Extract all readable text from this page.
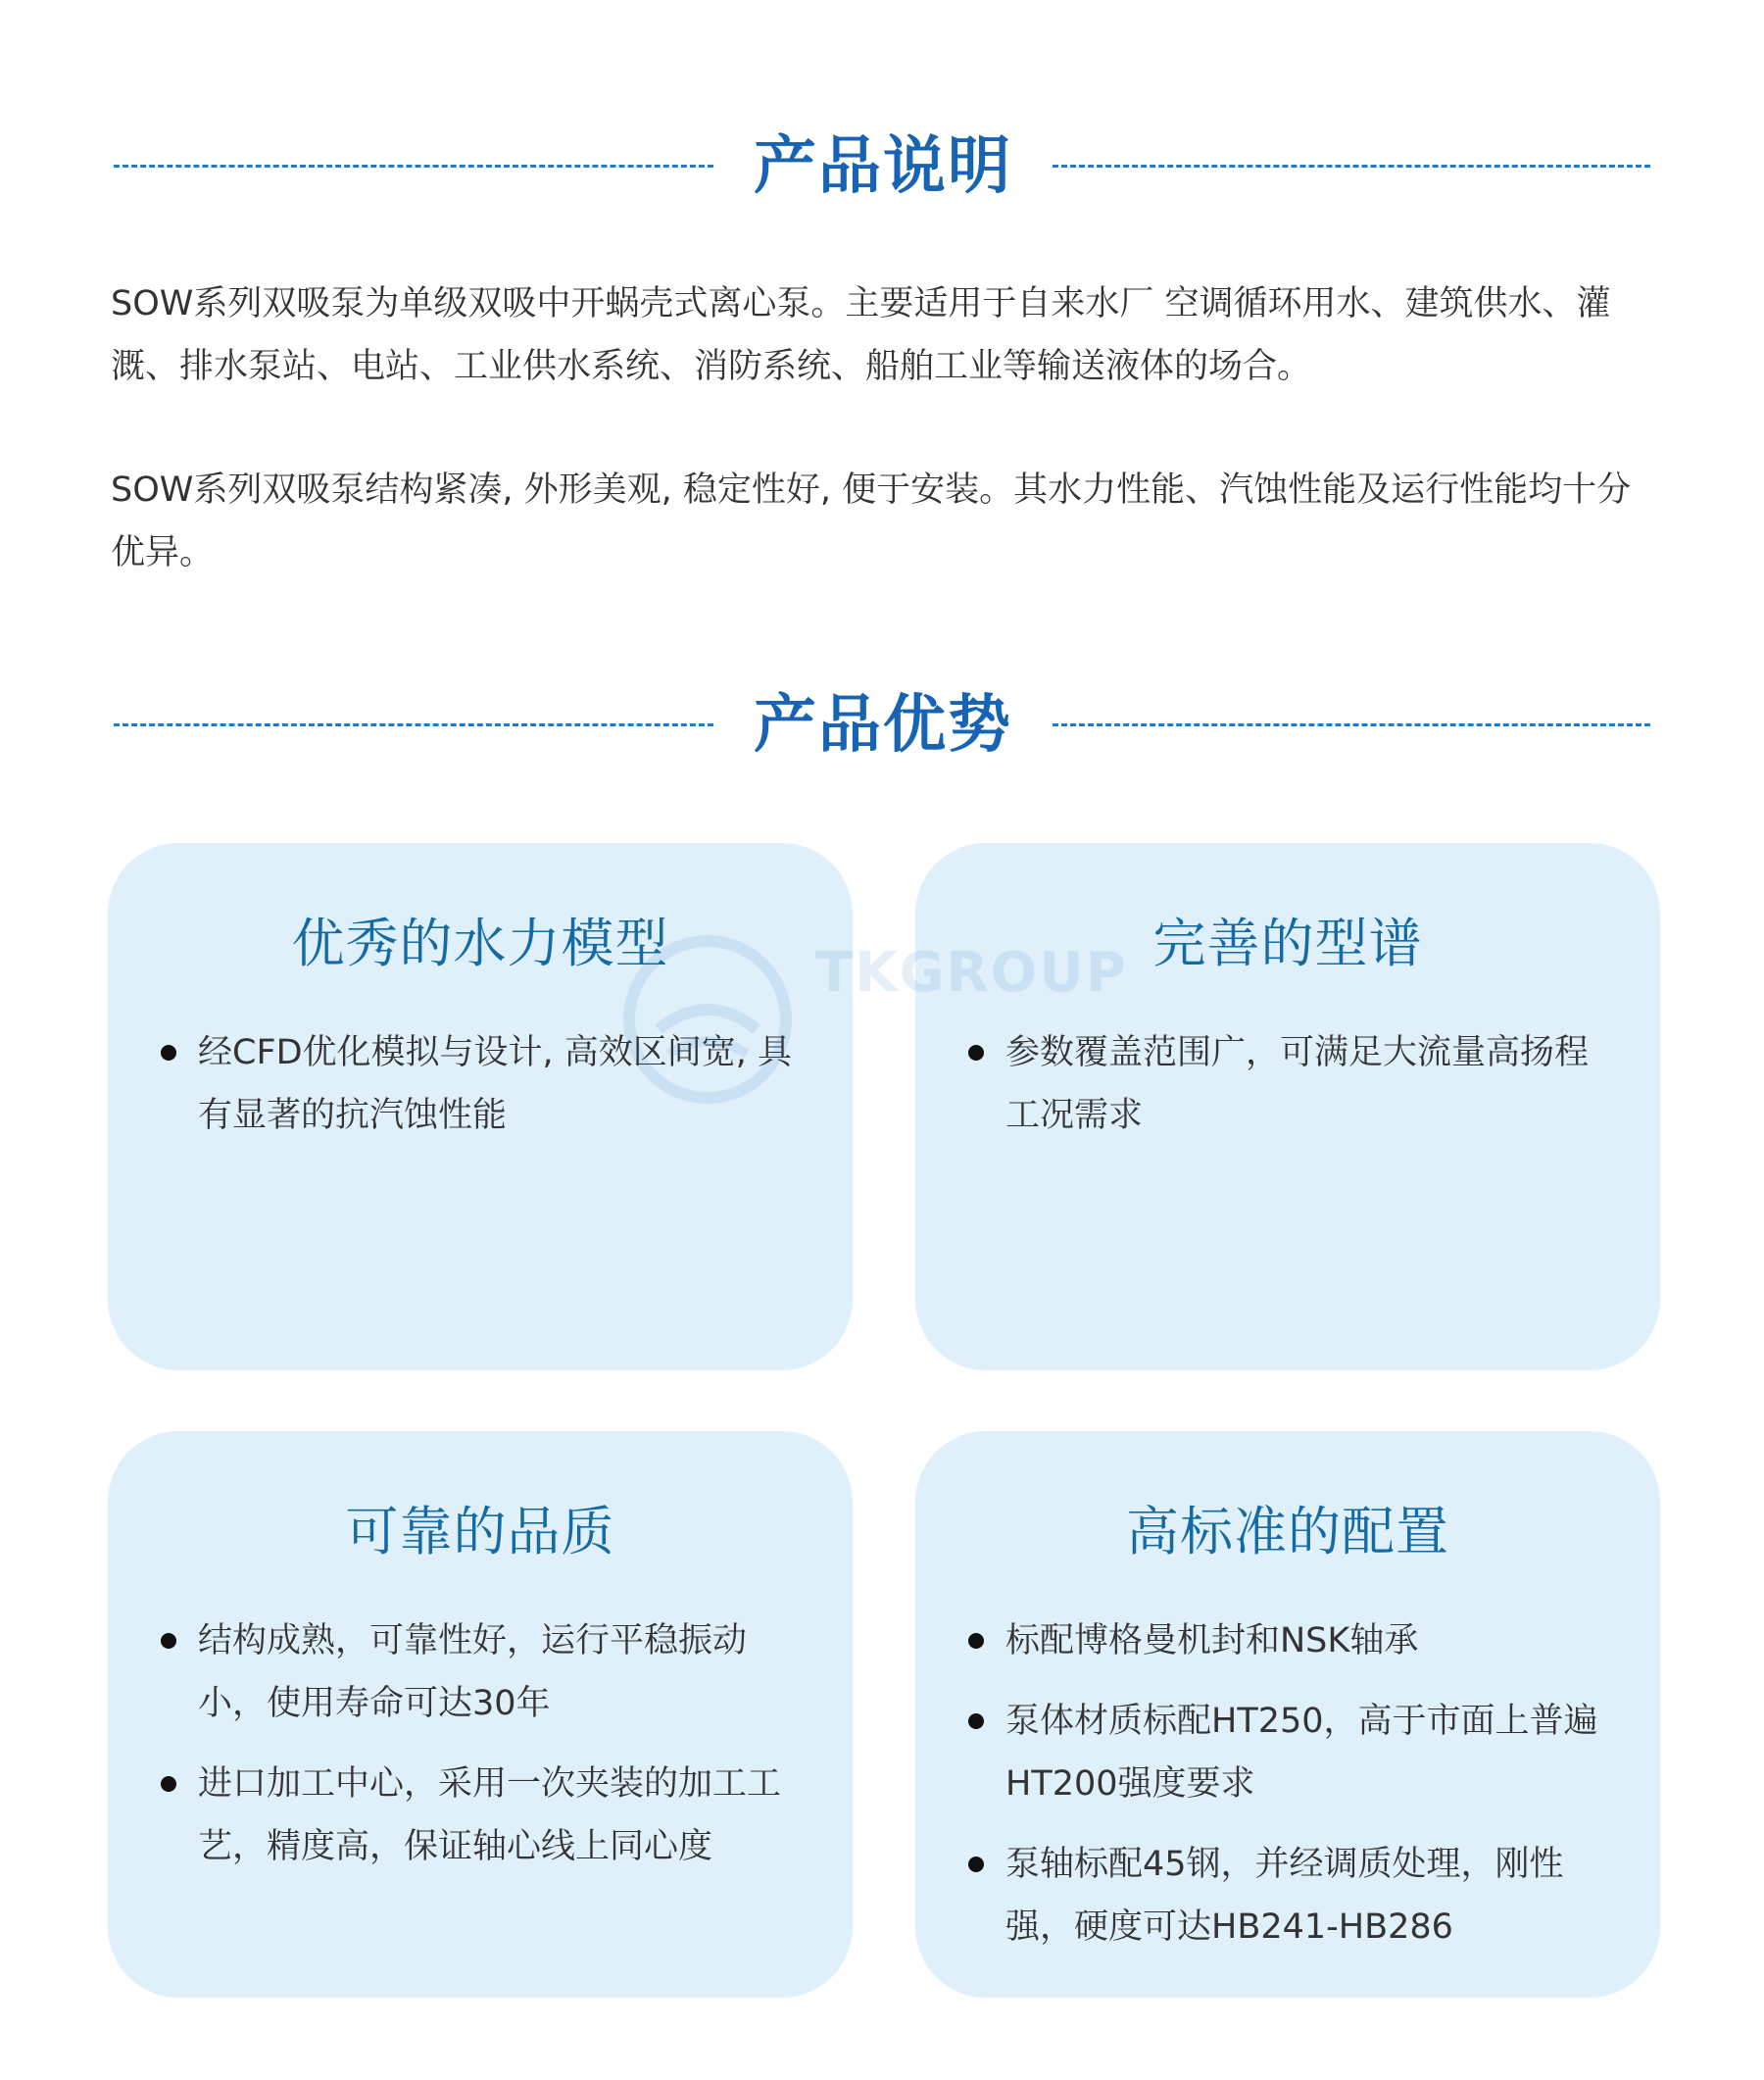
产品说明

SOW系列双吸泵为单级双吸中开蜗壳式离心泵。主要适用于自来水厂 空调循环用水、建筑供水、灌溉、排水泵站、电站、工业供水系统、消防系统、船舶工业等输送液体的场合。

SOW系列双吸泵结构紧凑, 外形美观, 稳定性好, 便于安装。其水力性能、汽蚀性能及运行性能均十分优异。

产品优势
优秀的水力模型
经CFD优化模拟与设计, 高效区间宽, 具有显著的抗汽蚀性能
完善的型谱
参数覆盖范围广，可满足大流量高扬程工况需求
可靠的品质
结构成熟，可靠性好，运行平稳振动小，使用寿命可达30年
进口加工中心，采用一次夹装的加工工艺，精度高，保证轴心线上同心度
高标准的配置
标配博格曼机封和NSK轴承
泵体材质标配HT250，高于市面上普遍HT200强度要求
泵轴标配45钢，并经调质处理，刚性强，硬度可达HB241-HB286
